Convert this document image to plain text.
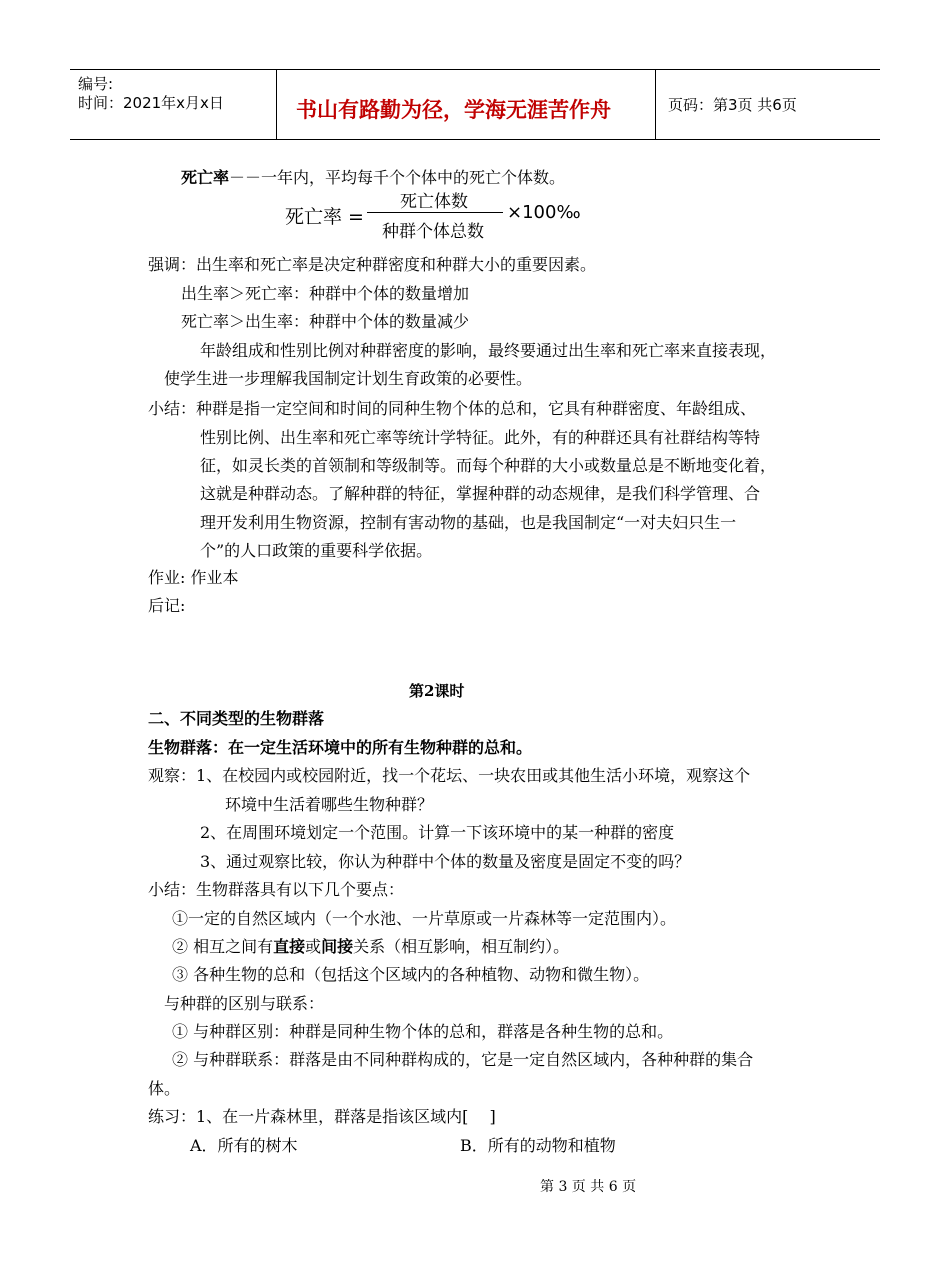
编号:
时间：2021年x月x日	书山有路勤为径，学海无涯苦作舟	页码：第3页 共6页
死亡率－－一年内，平均每千个个体中的死亡个体数。
死亡率 =
死亡体数
种群个体总数
×100‰
强调：出生率和死亡率是决定种群密度和种群大小的重要因素。
出生率＞死亡率：种群中个体的数量增加
死亡率＞出生率：种群中个体的数量减少
年龄组成和性别比例对种群密度的影响，最终要通过出生率和死亡率来直接表现，
使学生进一步理解我国制定计划生育政策的必要性。
小结：种群是指一定空间和时间的同种生物个体的总和，它具有种群密度、年龄组成、
性别比例、出生率和死亡率等统计学特征。此外，有的种群还具有社群结构等特
征，如灵长类的首领制和等级制等。而每个种群的大小或数量总是不断地变化着，
这就是种群动态。了解种群的特征，掌握种群的动态规律，是我们科学管理、合
理开发利用生物资源，控制有害动物的基础，也是我国制定“一对夫妇只生一
个”的人口政策的重要科学依据。
作业: 作业本
后记:
第2课时
二、不同类型的生物群落
生物群落：在一定生活环境中的所有生物种群的总和。
观察：1、在校园内或校园附近，找一个花坛、一块农田或其他生活小环境，观察这个
环境中生活着哪些生物种群？
2、在周围环境划定一个范围。计算一下该环境中的某一种群的密度
3、通过观察比较，你认为种群中个体的数量及密度是固定不变的吗？
小结：生物群落具有以下几个要点：
①一定的自然区域内（一个水池、一片草原或一片森林等一定范围内）。
② 相互之间有直接或间接关系（相互影响，相互制约）。
③ 各种生物的总和（包括这个区域内的各种植物、动物和微生物）。
与种群的区别与联系：
① 与种群区别：种群是同种生物个体的总和，群落是各种生物的总和。
② 与种群联系：群落是由不同种群构成的，它是一定自然区域内，各种种群的集合
体。
练习：1、在一片森林里，群落是指该区域内[　 ]
A．所有的树木	B．所有的动物和植物
第 3 页 共 6 页
